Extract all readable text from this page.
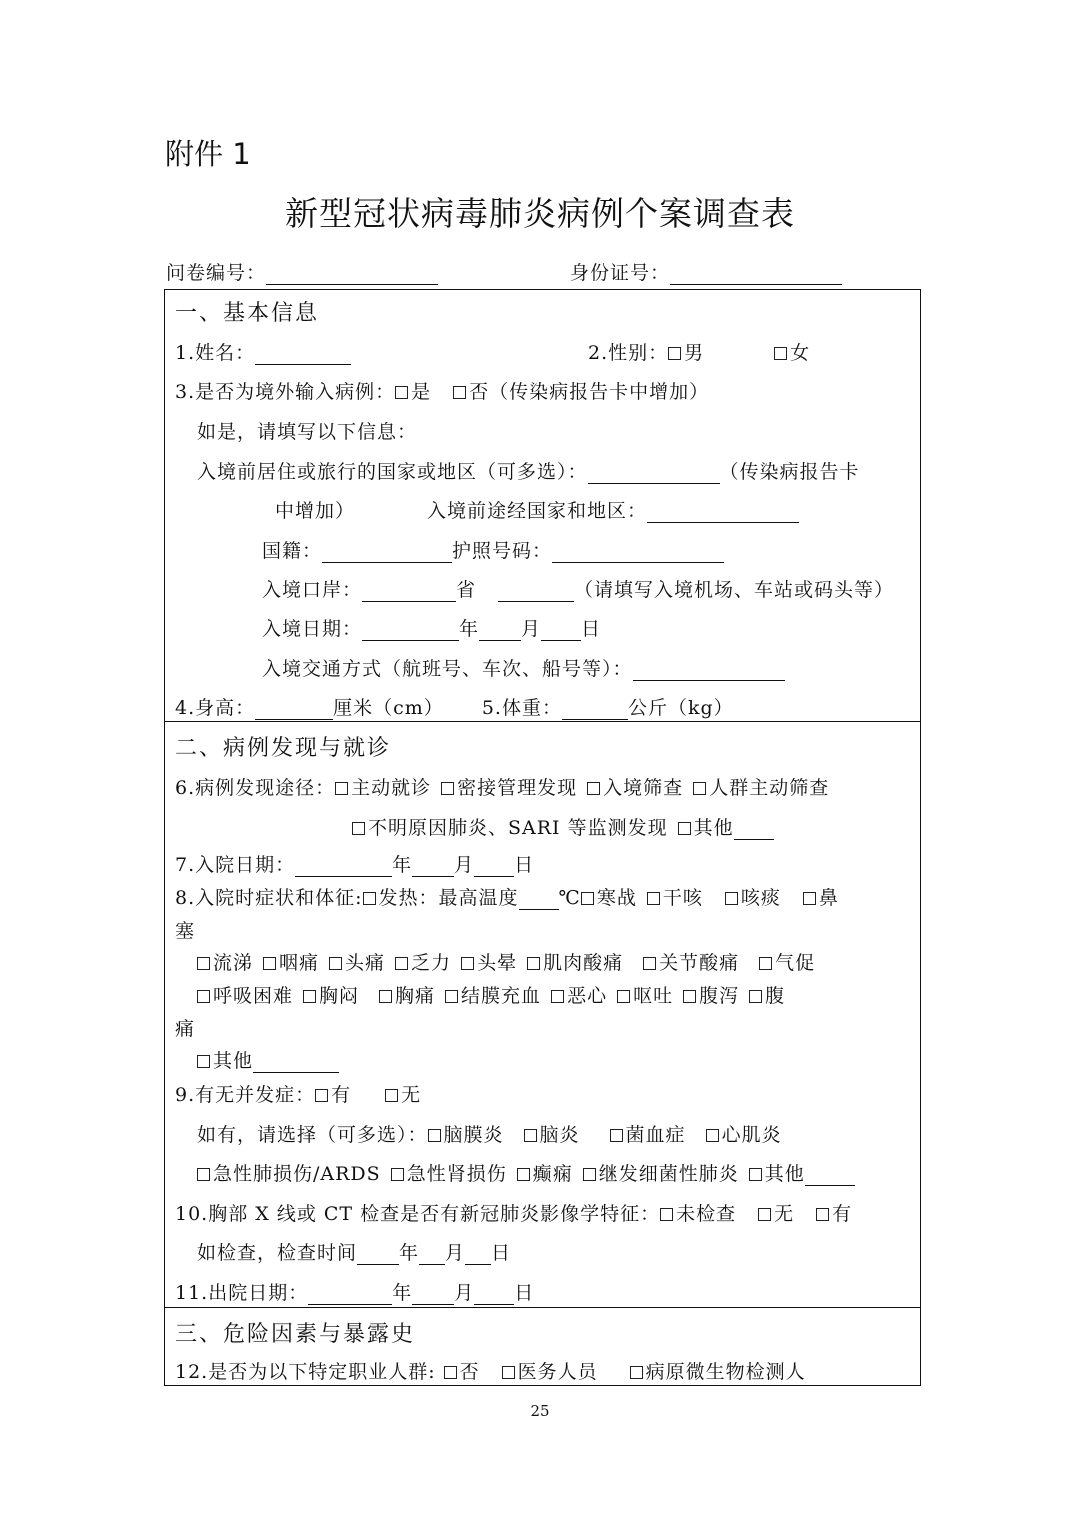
附件 1
新型冠状病毒肺炎病例个案调查表
问卷编号：	身份证号：
一、基本信息
1.姓名：	2.性别： 男	女
3.是否为境外输入病例： 是 否（传染病报告卡中增加）
如是，请填写以下信息：
入境前居住或旅行的国家或地区（可多选）：	（传染病报告卡
中增加）	入境前途经国家和地区：
国籍：	护照号码：
入境口岸：	省	（请填写入境机场、车站或码头等）
入境日期：	年 月 日
入境交通方式（航班号、车次、船号等）：
4.身高：	厘米（cm） 5.体重：	公斤（kg）
二、病例发现与就诊
6.病例发现途径： 主动就诊 密接管理发现 入境筛查 人群主动筛查
不明原因肺炎、SARI 等监测发现 其他
7.入院日期：	年 月 日
8.入院时症状和体征: 发热：最高温度 ℃ 寒战 干咳 咳痰 鼻
塞
流涕 咽痛 头痛 乏力 头晕 肌肉酸痛 关节酸痛 气促
呼吸困难 胸闷 胸痛 结膜充血 恶心 呕吐 腹泻 腹
痛
其他
9.有无并发症： 有	无
如有，请选择（可多选）： 脑膜炎 脑炎 菌血症 心肌炎
急性肺损伤/ARDS 急性肾损伤 癫痫 继发细菌性肺炎 其他
10.胸部 X 线或 CT 检查是否有新冠肺炎影像学特征： 未检查 无 有
如检查，检查时间 年 月 日
11.出院日期：	年 月 日
三、危险因素与暴露史
12.是否为以下特定职业人群: 否 医务人员	病原微生物检测人
25
